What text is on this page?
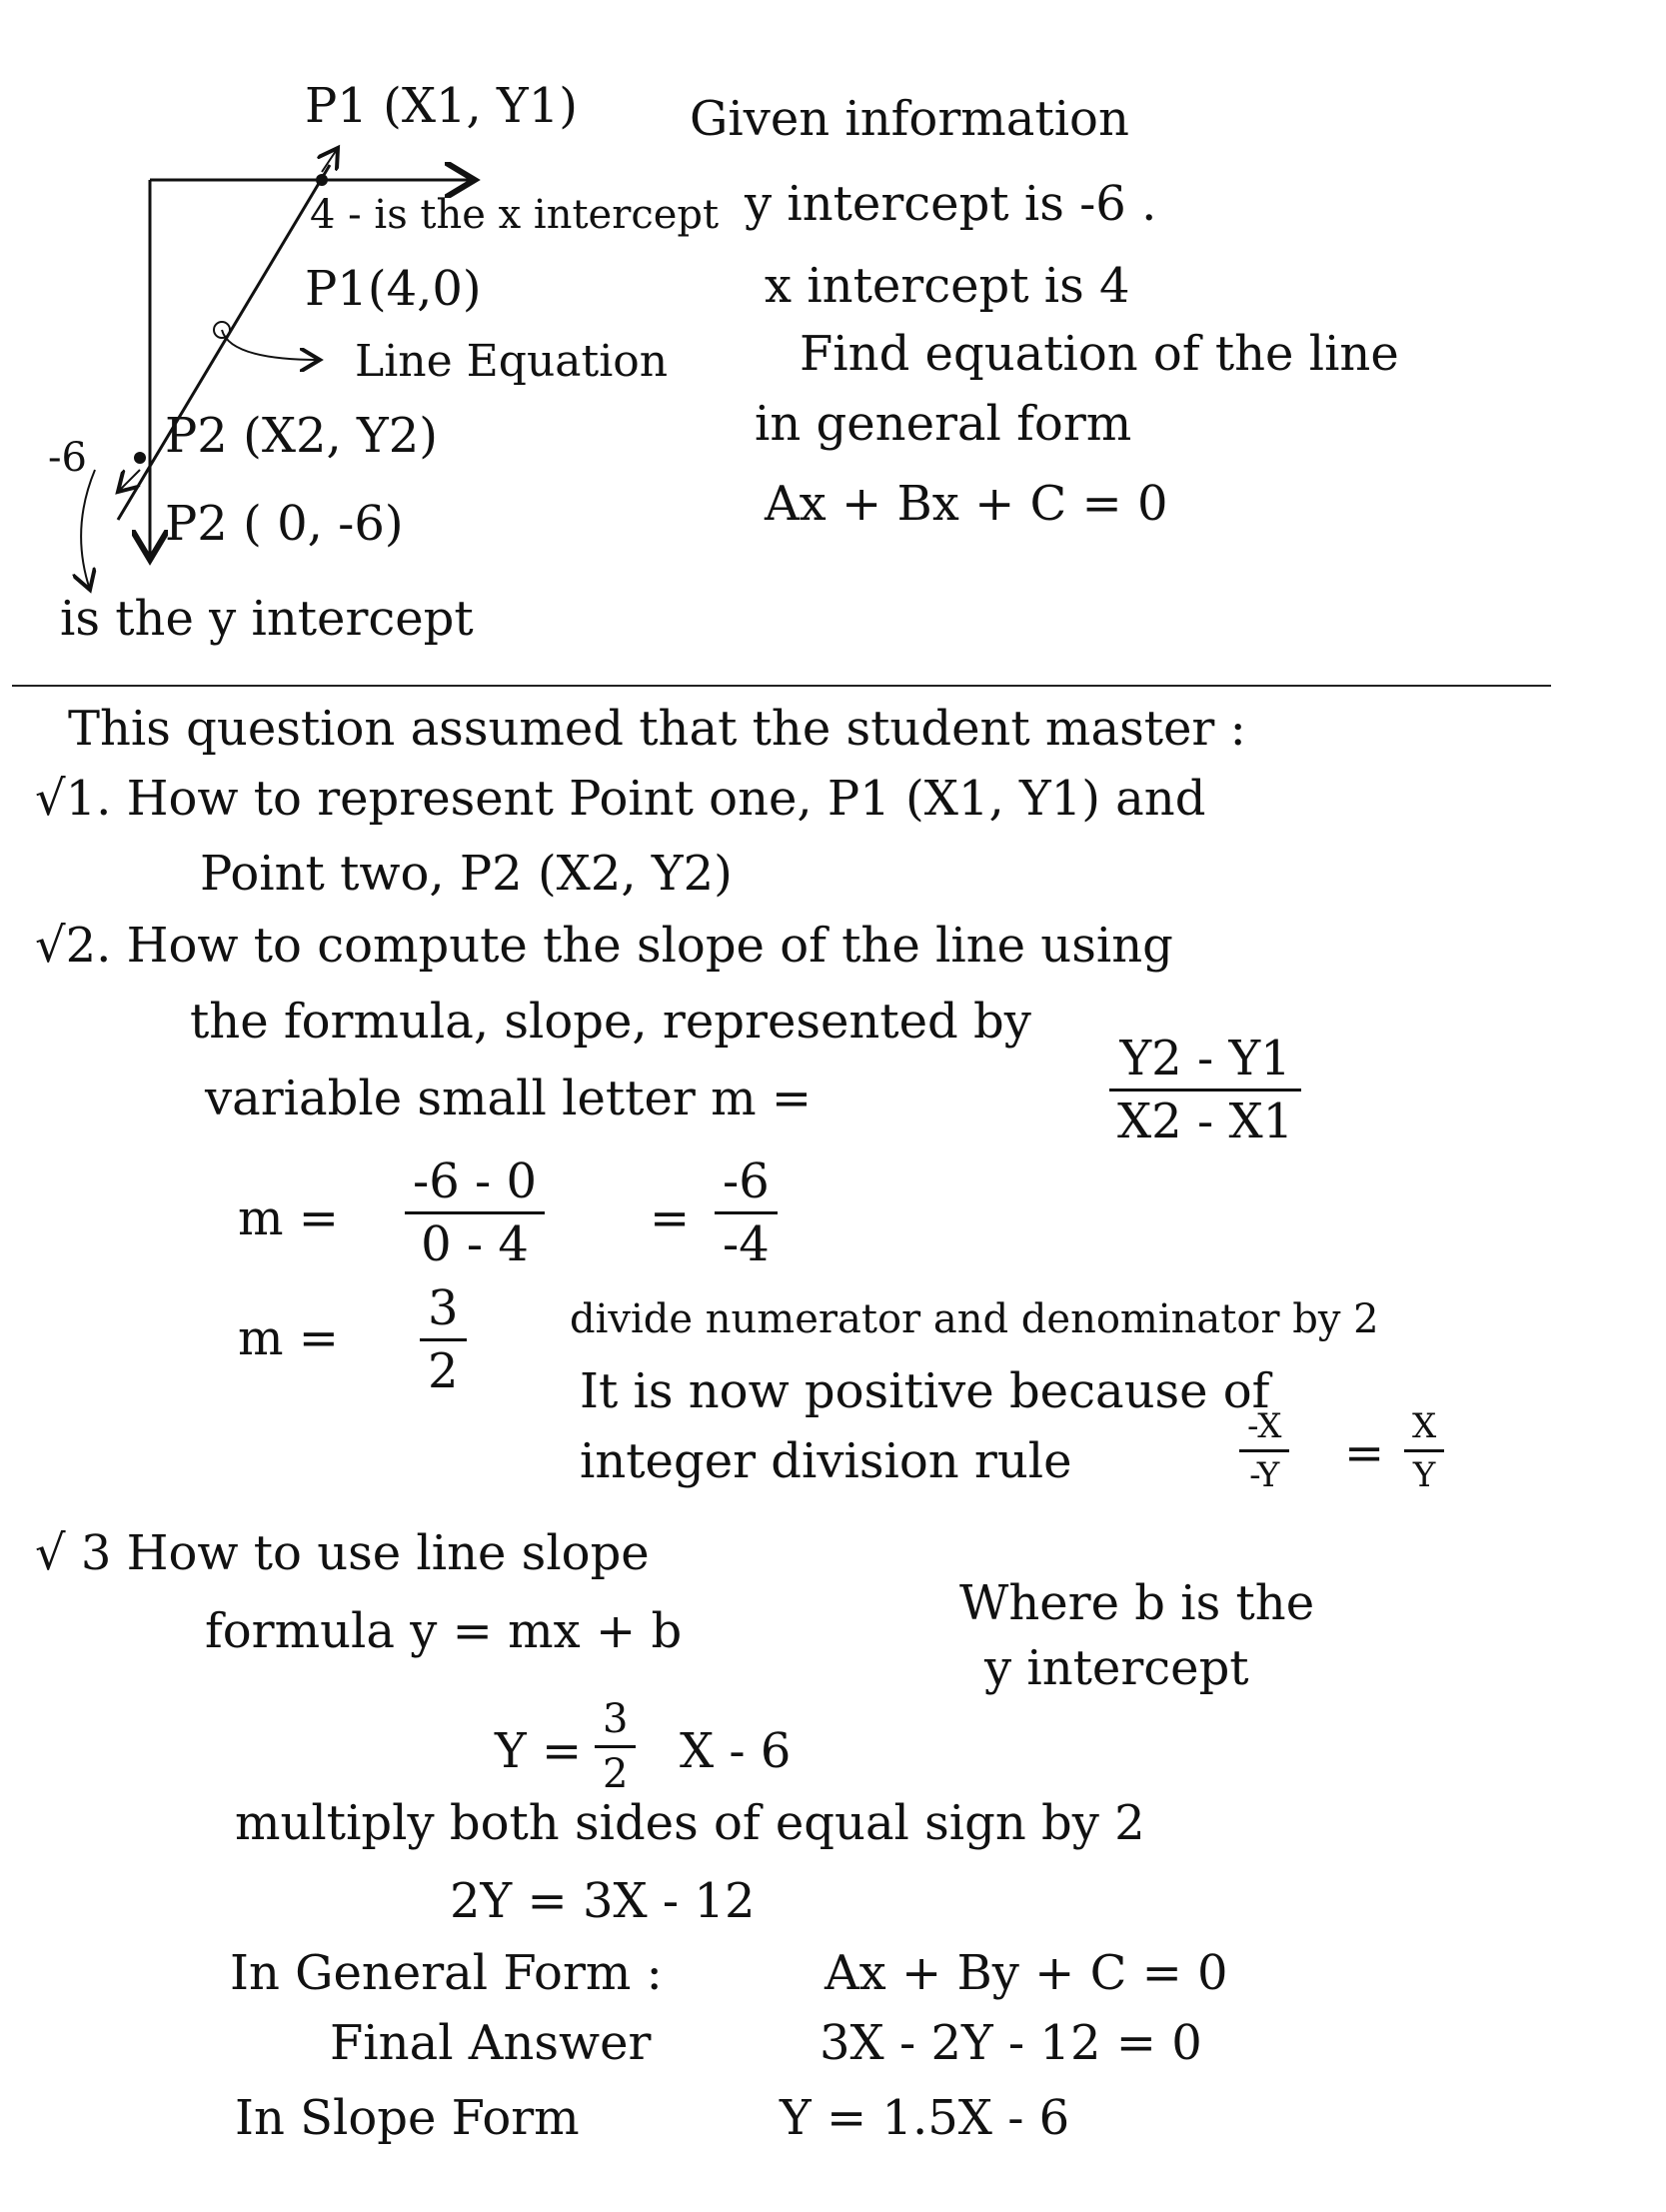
P1 (X1, Y1)
4 - is the x intercept
P1(4,0)
Line Equation
-6 P2 (X2, Y2)
P2 ( 0, -6)
is the y intercept
Given information
y intercept is -6 .
x intercept is 4
Find equation of the line
in general form
Ax + Bx + C = 0
This question assumed that the student master :
√1. How to represent Point one, P1 (X1, Y1) and
Point two, P2 (X2, Y2)
√2. How to compute the slope of the line using
the formula, slope, represented by
variable small letter m =
Y2 - Y1
X2 - X1
m =
-6 - 0
0 - 4	=
-6
-4
m =
3
2
divide numerator and denominator by 2
It is now positive because of
integer division rule
-X
-Y = X
Y
√ 3 How to use line slope
formula y = mx + b	Where b is the
y intercept
Y =
3
2 X - 6
multiply both sides of equal sign by 2
2Y = 3X - 12
In General Form :	Ax + By + C = 0
Final Answer	3X - 2Y - 12 = 0
In Slope Form	Y = 1.5X - 6
